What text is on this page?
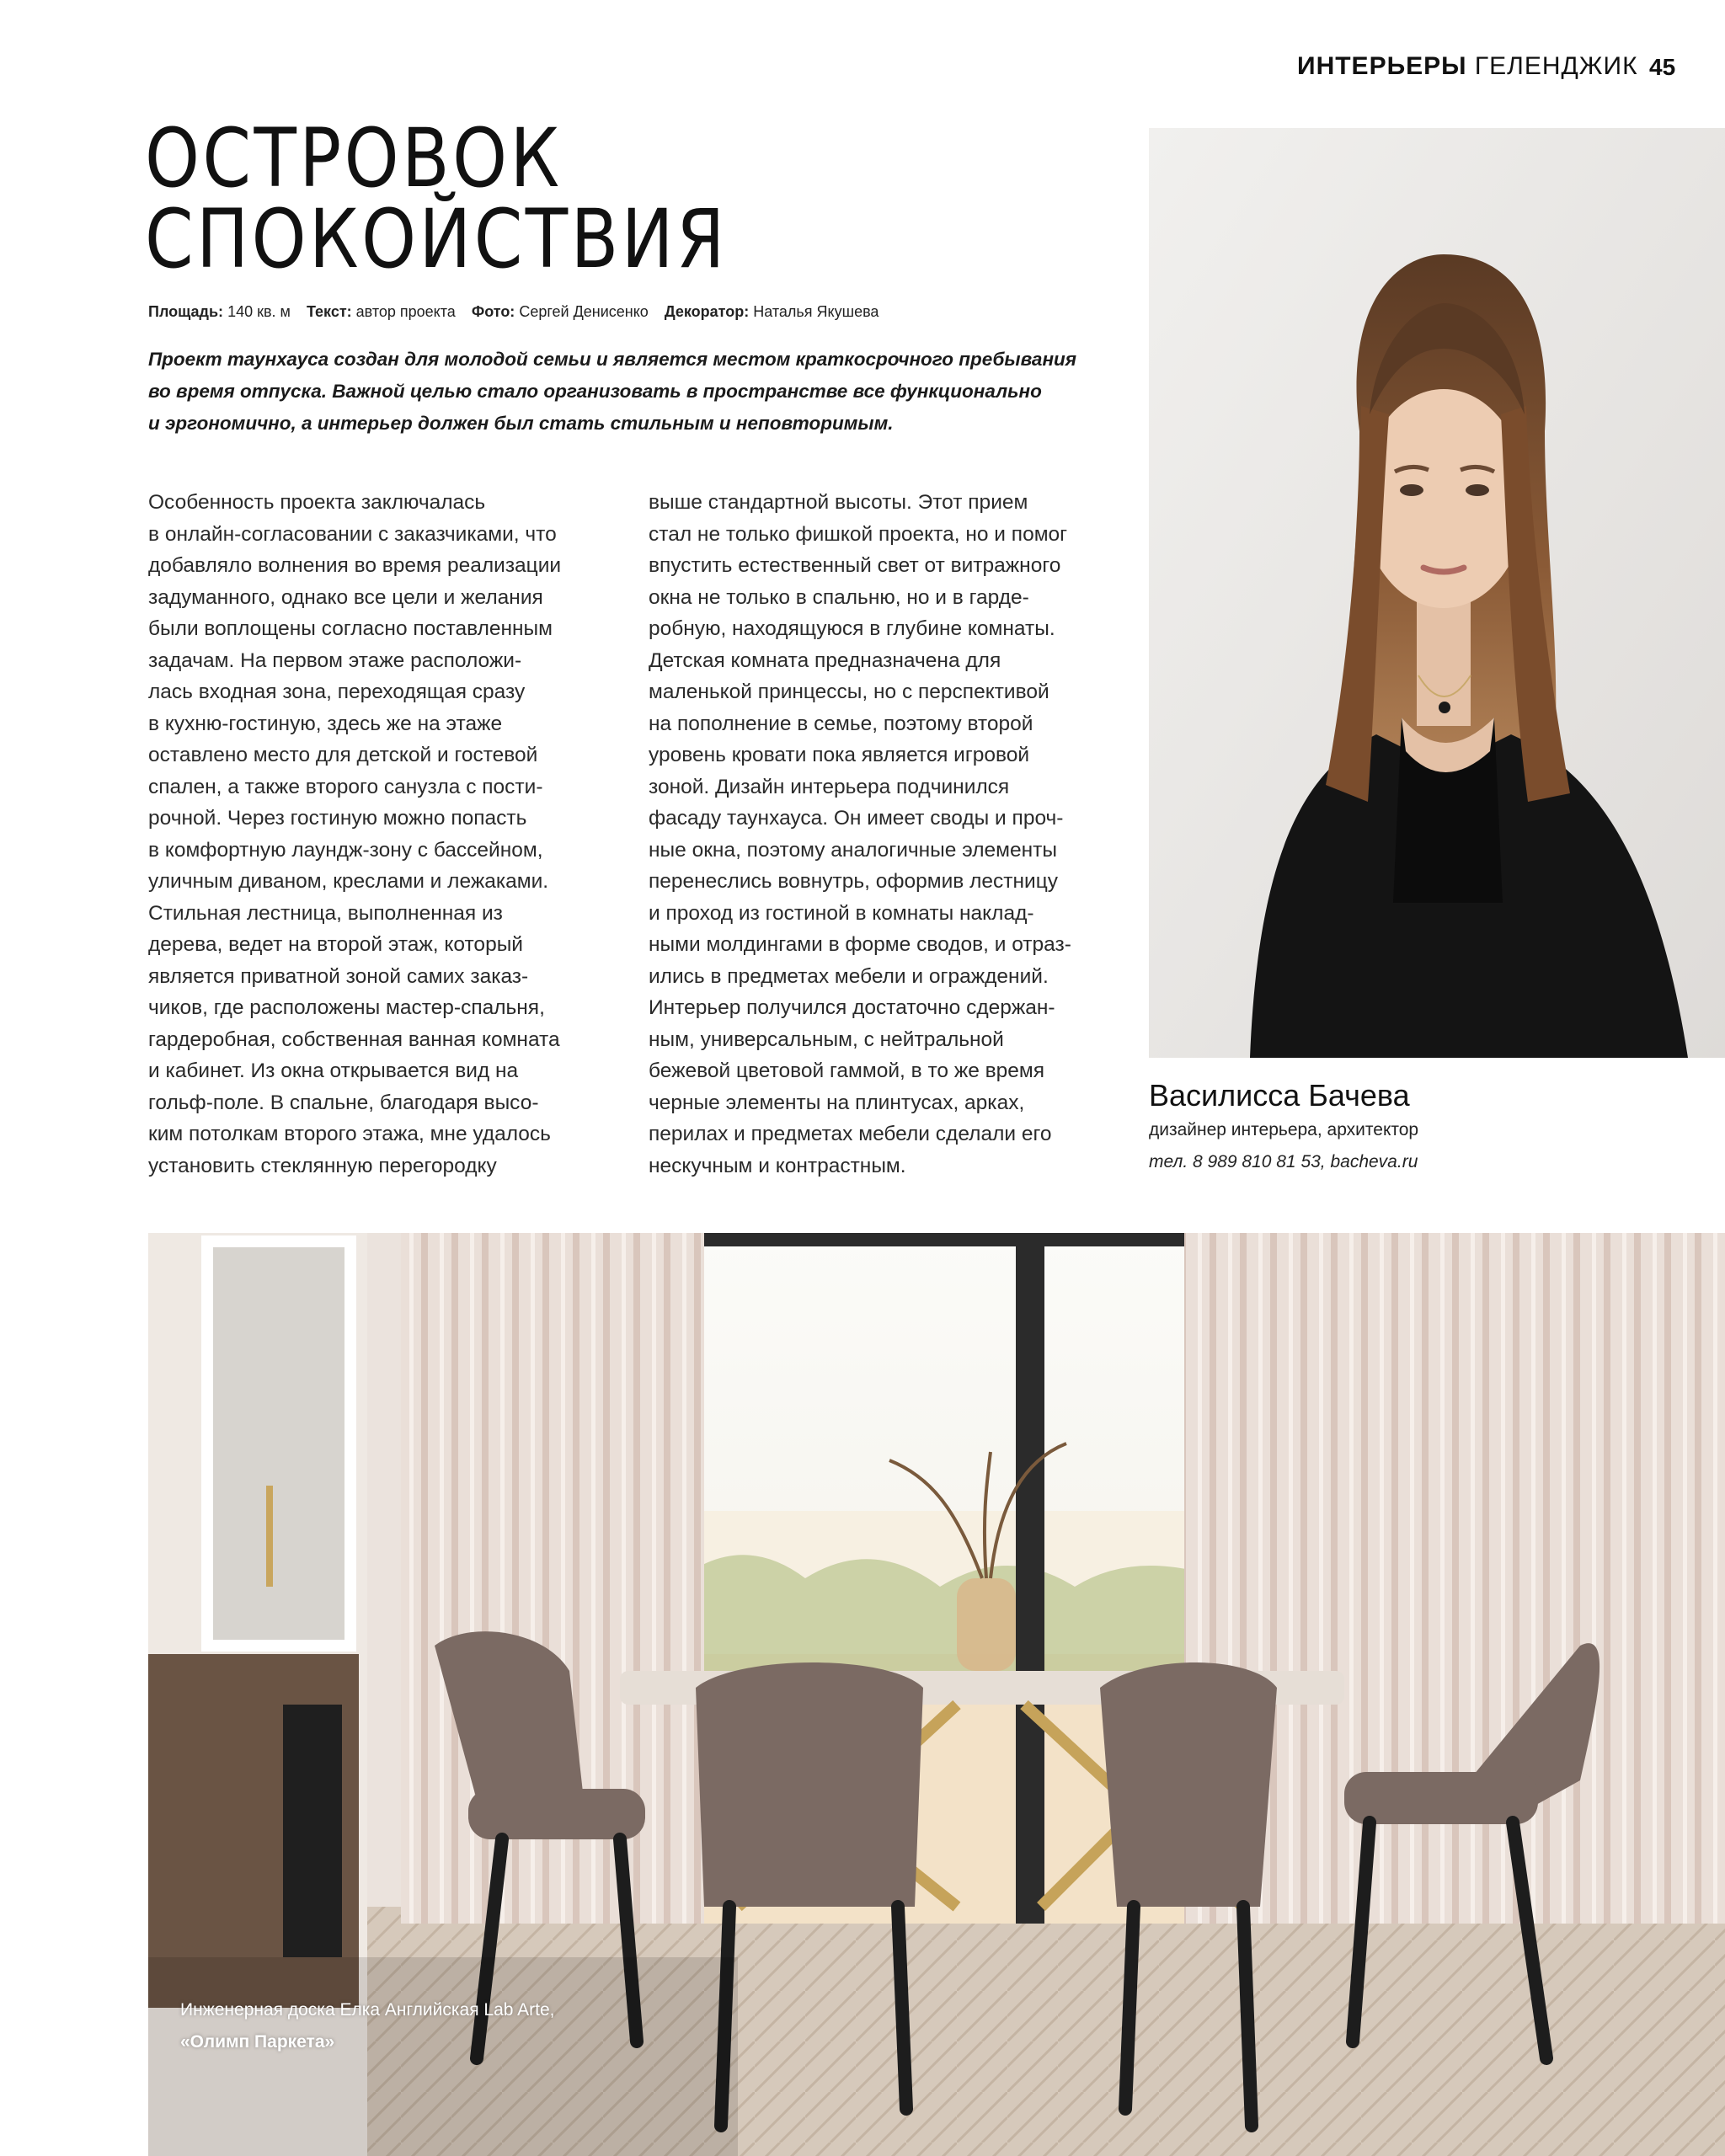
ИНТЕРЬЕРЫ ГЕЛЕНДЖИК 45
ОСТРОВОК
СПОКОЙСТВИЯ
Площадь: 140 кв. м Текст: автор проекта Фото: Сергей Денисенко Декоратор: Наталья Якушева
Проект таунхауса создан для молодой семьи и является местом краткосрочного пребывания
во время отпуска. Важной целью стало организовать в пространстве все функционально
и эргономично, а интерьер должен был стать стильным и неповторимым.
Особенность проекта заключалась
в онлайн-согласовании с заказчиками, что
добавляло волнения во время реализации
задуманного, однако все цели и желания
были воплощены согласно поставленным
задачам. На первом этаже расположи-
лась входная зона, переходящая сразу
в кухню-гостиную, здесь же на этаже
оставлено место для детской и гостевой
спален, а также второго санузла с пости-
рочной. Через гостиную можно попасть
в комфортную лаундж-зону с бассейном,
уличным диваном, креслами и лежаками.
Стильная лестница, выполненная из
дерева, ведет на второй этаж, который
является приватной зоной самих заказ-
чиков, где расположены мастер-спальня,
гардеробная, собственная ванная комната
и кабинет. Из окна открывается вид на
гольф-поле. В спальне, благодаря высо-
ким потолкам второго этажа, мне удалось
установить стеклянную перегородку
выше стандартной высоты. Этот прием
стал не только фишкой проекта, но и помог
впустить естественный свет от витражного
окна не только в спальню, но и в гарде-
робную, находящуюся в глубине комнаты.
Детская комната предназначена для
маленькой принцессы, но с перспективой
на пополнение в семье, поэтому второй
уровень кровати пока является игровой
зоной. Дизайн интерьера подчинился
фасаду таунхауса. Он имеет своды и проч-
ные окна, поэтому аналогичные элементы
перенеслись вовнутрь, оформив лестницу
и проход из гостиной в комнаты наклад-
ными молдингами в форме сводов, и отраз-
ились в предметах мебели и ограждений.
Интерьер получился достаточно сдержан-
ным, универсальным, с нейтральной
бежевой цветовой гаммой, в то же время
черные элементы на плинтусах, арках,
перилах и предметах мебели сделали его
нескучным и контрастным.
Василисса Бачева
дизайнер интерьера, архитектор
тел. 8 989 810 81 53, bacheva.ru
Инженерная доска Елка Английская Lab Arte,
«Олимп Паркета»
